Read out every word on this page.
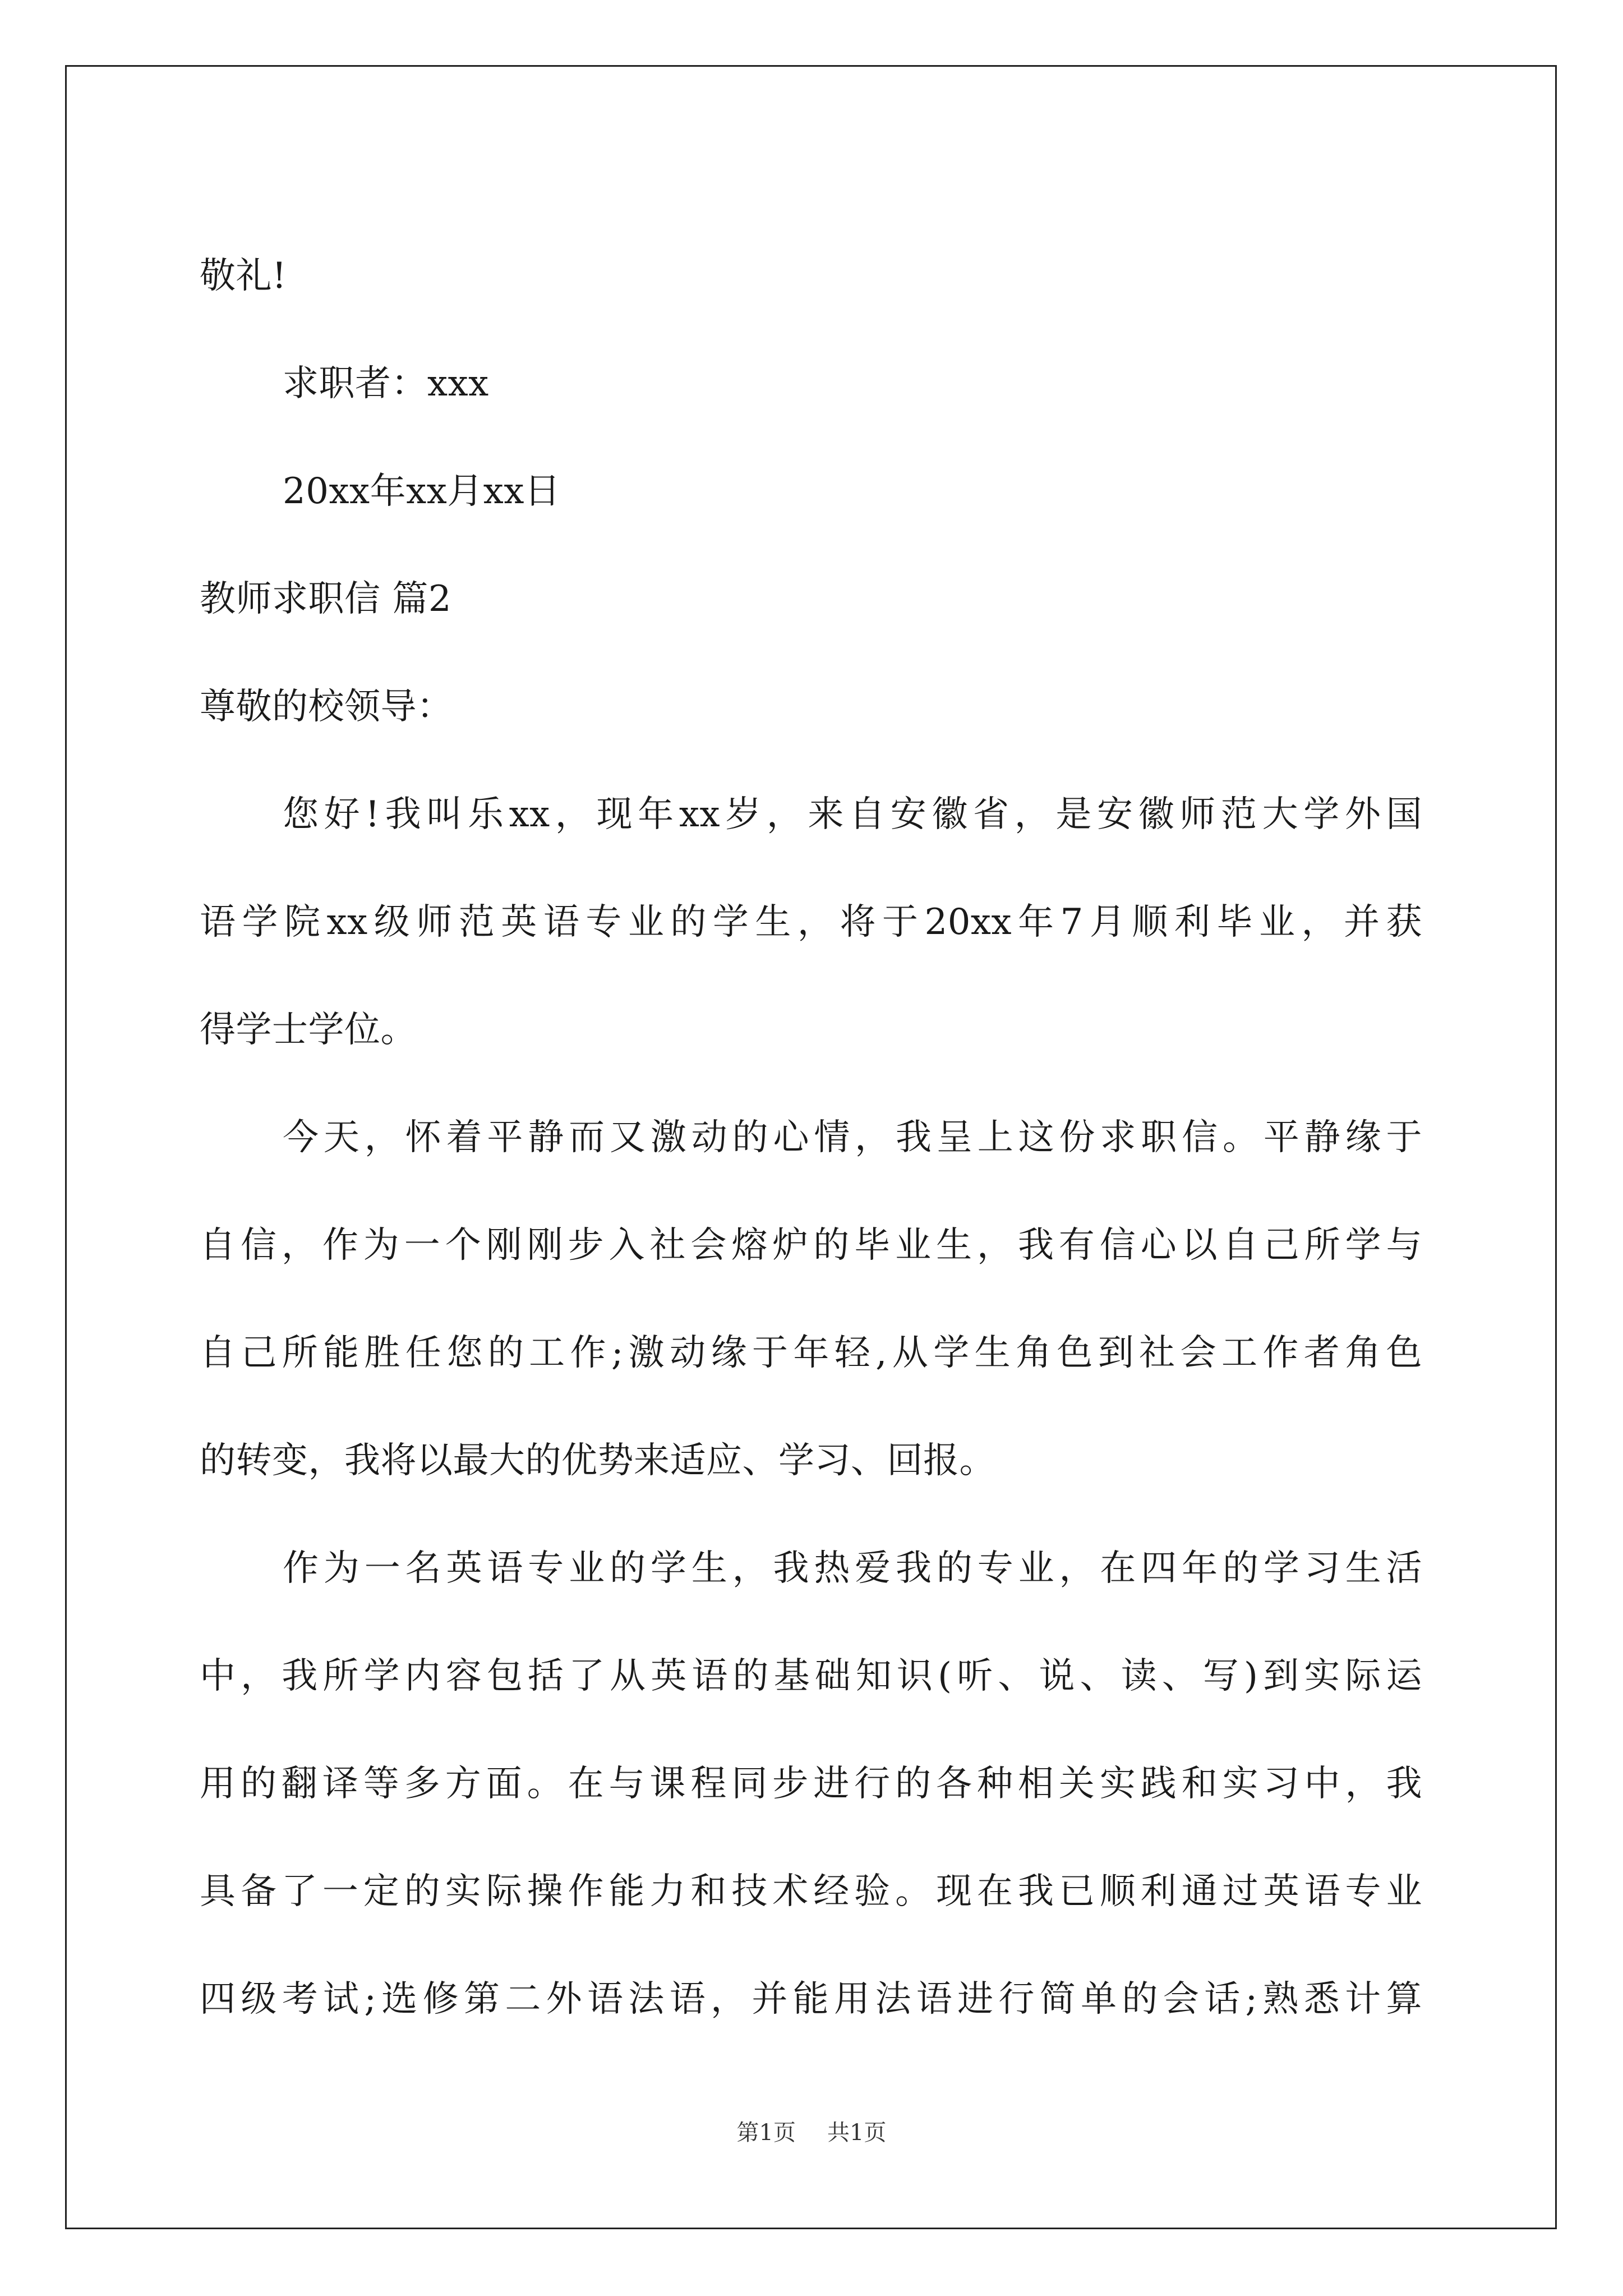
敬礼!
求职者：xxx
20xx年xx月xx日
教师求职信 篇2
尊敬的校领导：
您好!我叫乐xx，现年xx岁，来自安徽省，是安徽师范大学外国
语学院xx级师范英语专业的学生，将于20xx年7月顺利毕业，并获
得学士学位。
今天，怀着平静而又激动的心情，我呈上这份求职信。平静缘于
自信，作为一个刚刚步入社会熔炉的毕业生，我有信心以自己所学与
自己所能胜任您的工作;激动缘于年轻,从学生角色到社会工作者角色
的转变，我将以最大的优势来适应、学习、回报。
作为一名英语专业的学生，我热爱我的专业，在四年的学习生活
中，我所学内容包括了从英语的基础知识(听、说、读、写)到实际运
用的翻译等多方面。在与课程同步进行的各种相关实践和实习中，我
具备了一定的实际操作能力和技术经验。现在我已顺利通过英语专业
四级考试;选修第二外语法语，并能用法语进行简单的会话;熟悉计算
第1页 共1页
